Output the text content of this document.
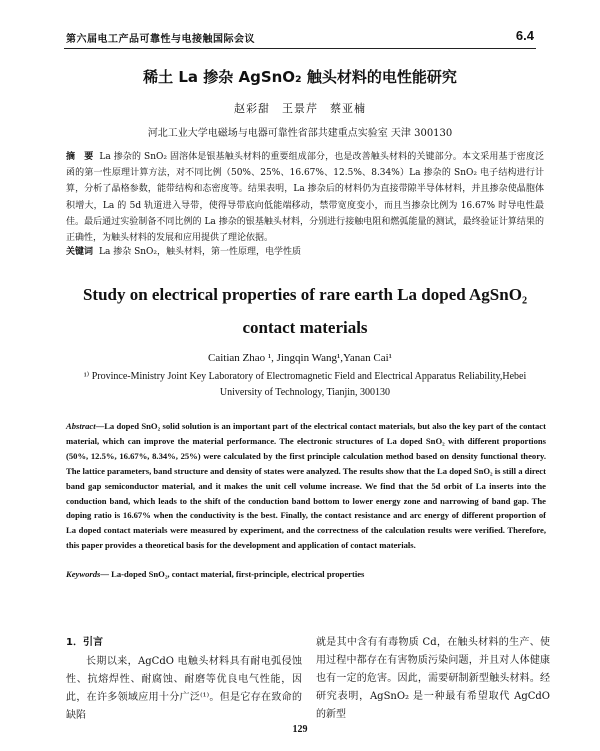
第六届电工产品可靠性与电接触国际会议	6.4
稀土 La 掺杂 AgSnO₂ 触头材料的电性能研究
赵彩甜　王景芹　蔡亚楠
河北工业大学电磁场与电器可靠性省部共建重点实验室 天津 300130
摘　要 La 掺杂的 SnO₂ 固溶体是银基触头材料的重要组成部分，也是改善触头材料的关键部分。本文采用基于密度泛函的第一性原理计算方法，对不同比例（50%、25%、16.67%、12.5%、8.34%）La 掺杂的 SnO₂ 电子结构进行计算，分析了晶格参数，能带结构和态密度等。结果表明，La 掺杂后的材料仍为直接带隙半导体材料，并且掺杂使晶胞体积增大，La 的 5d 轨道进入导带，使得导带底向低能端移动，禁带宽度变小，而且当掺杂比例为 16.67% 时导电性最佳。最后通过实验制备不同比例的 La 掺杂的银基触头材料，分别进行接触电阻和燃弧能量的测试，最终验证计算结果的正确性，为触头材料的发展和应用提供了理论依据。
关键词 La 掺杂 SnO₂，触头材料，第一性原理，电学性质
Study on electrical properties of rare earth La doped AgSnO₂ contact materials
Caitian Zhao ¹, Jingqin Wang¹,Yanan Cai¹
¹⁾ Province-Ministry Joint Key Laboratory of Electromagnetic Field and Electrical Apparatus Reliability,Hebei University of Technology, Tianjin, 300130
Abstract—La doped SnO₂ solid solution is an important part of the electrical contact materials, but also the key part of the contact material, which can improve the material performance. The electronic structures of La doped SnO₂ with different proportions (50%, 12.5%, 16.67%, 8.34%, 25%) were calculated by the first principle calculation method based on density functional theory. The lattice parameters, band structure and density of states were analyzed. The results show that the La doped SnO₂ is still a direct band gap semiconductor material, and it makes the unit cell volume increase. We find that the 5d orbit of La inserts into the conduction band, which leads to the shift of the conduction band bottom to lower energy zone and narrowing of band gap. The doping ratio is 16.67% when the conductivity is the best. Finally, the contact resistance and arc energy of different proportion of La doped contact materials were measured by experiment, and the correctness of the calculation results were verified. Therefore, this paper provides a theoretical basis for the development and application of contact materials.
Keywords— La-doped SnO₂, contact material, first-principle, electrical properties
1．引言
长期以来，AgCdO 电触头材料具有耐电弧侵蚀性、抗熔焊性、耐腐蚀、耐磨等优良电气性能，因此，在许多领域应用十分广泛⁽¹⁾。但是它存在致命的缺陷
就是其中含有有毒物质 Cd，在触头材料的生产、使用过程中都存在有害物质污染问题，并且对人体健康也有一定的危害。因此，需要研制新型触头材料。经研究表明，AgSnO₂ 是一种最有希望取代 AgCdO 的新型
129
